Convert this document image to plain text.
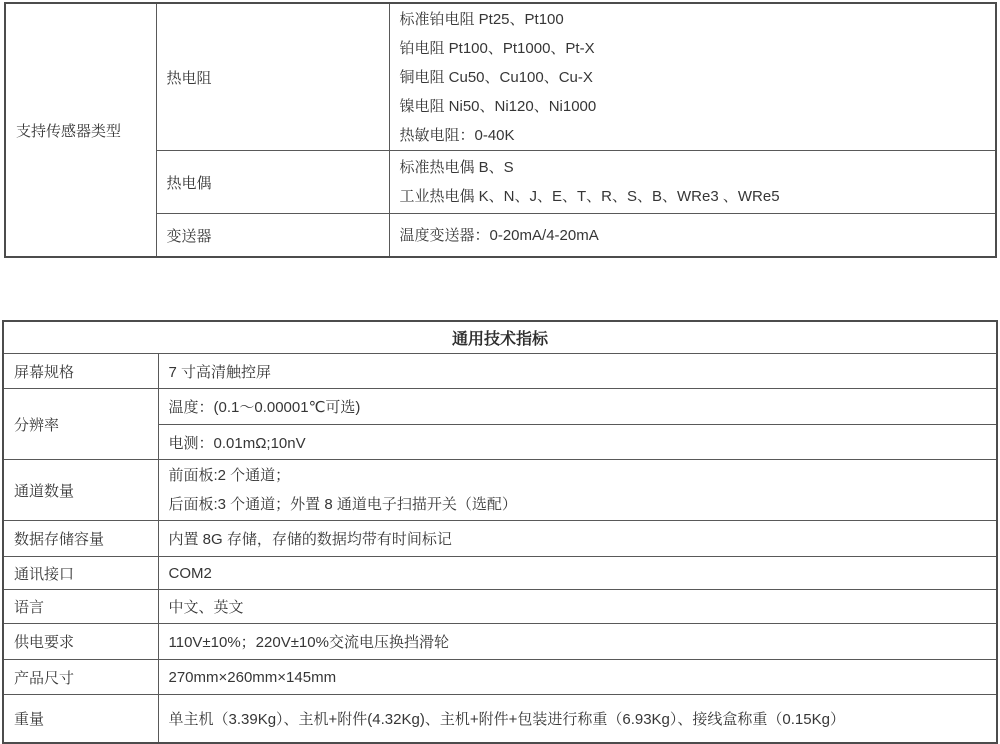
支持传感器类型	热电阻	标准铂电阻 Pt25、Pt100
铂电阻 Pt100、Pt1000、Pt-X
铜电阻 Cu50、Cu100、Cu-X
镍电阻 Ni50、Ni120、Ni1000
热敏电阻：0-40K

	热电偶	标准热电偶 B、S
工业热电偶 K、N、J、E、T、R、S、B、WRe3 、WRe5

	变送器	温度变送器：0-20mA/4-20mA
通用技术指标	
屏幕规格	7 寸高清触控屏
分辨率	温度：(0.1～0.00001℃可选)
	电测：0.01mΩ;10nV
通道数量	前面板:2 个通道；
后面板:3 个通道；外置 8 通道电子扫描开关（选配）

数据存储容量	内置 8G 存储，存储的数据均带有时间标记
通讯接口	COM2
语言	中文、英文
供电要求	110V±10%；220V±10%交流电压换挡滑轮
产品尺寸	270mm×260mm×145mm
重量	单主机（3.39Kg）、主机+附件(4.32Kg)、主机+附件+包装进行称重（6.93Kg）、接线盒称重（0.15Kg）
